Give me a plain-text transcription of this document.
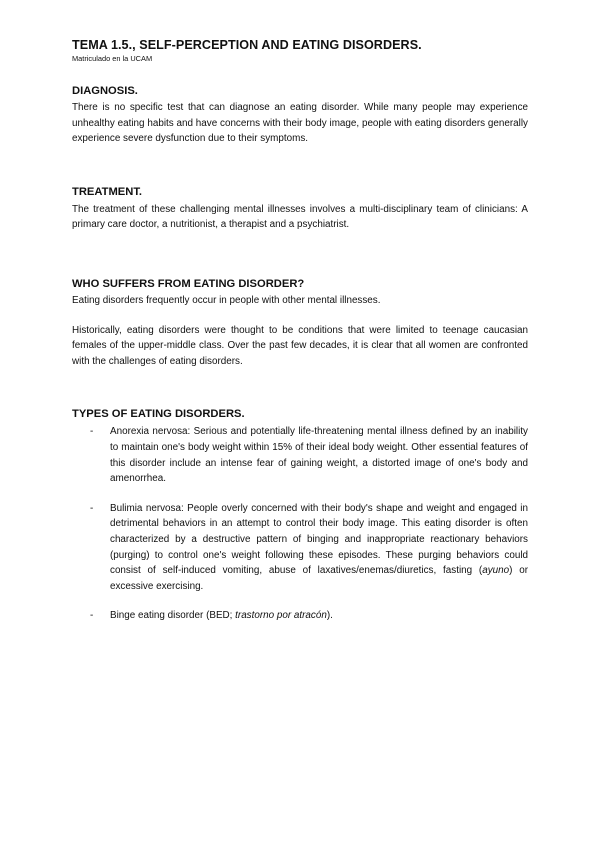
TEMA 1.5., SELF-PERCEPTION AND EATING DISORDERS.
Matriculado en la UCAM
DIAGNOSIS.

There is no specific test that can diagnose an eating disorder. While many people may experience unhealthy eating habits and have concerns with their body image, people with eating disorders generally experience severe dysfunction due to their symptoms.

TREATMENT.

The treatment of these challenging mental illnesses involves a multi-disciplinary team of clinicians: A primary care doctor, a nutritionist, a therapist and a psychiatrist.

WHO SUFFERS FROM EATING DISORDER?

Eating disorders frequently occur in people with other mental illnesses.

Historically, eating disorders were thought to be conditions that were limited to teenage caucasian females of the upper-middle class. Over the past few decades, it is clear that all women are confronted with the challenges of eating disorders.

TYPES OF EATING DISORDERS.
- Anorexia nervosa: Serious and potentially life-threatening mental illness defined by an inability to maintain one's body weight within 15% of their ideal body weight. Other essential features of this disorder include an intense fear of gaining weight, a distorted image of one's body and amenorrhea.
- Bulimia nervosa: People overly concerned with their body's shape and weight and engaged in detrimental behaviors in an attempt to control their body image. This eating disorder is often characterized by a destructive pattern of binging and inappropriate reactionary behaviors (purging) to control one's weight following these episodes. These purging behaviors could consist of self-induced vomiting, abuse of laxatives/enemas/diuretics, fasting (ayuno) or excessive exercising.
- Binge eating disorder (BED; trastorno por atracón).
